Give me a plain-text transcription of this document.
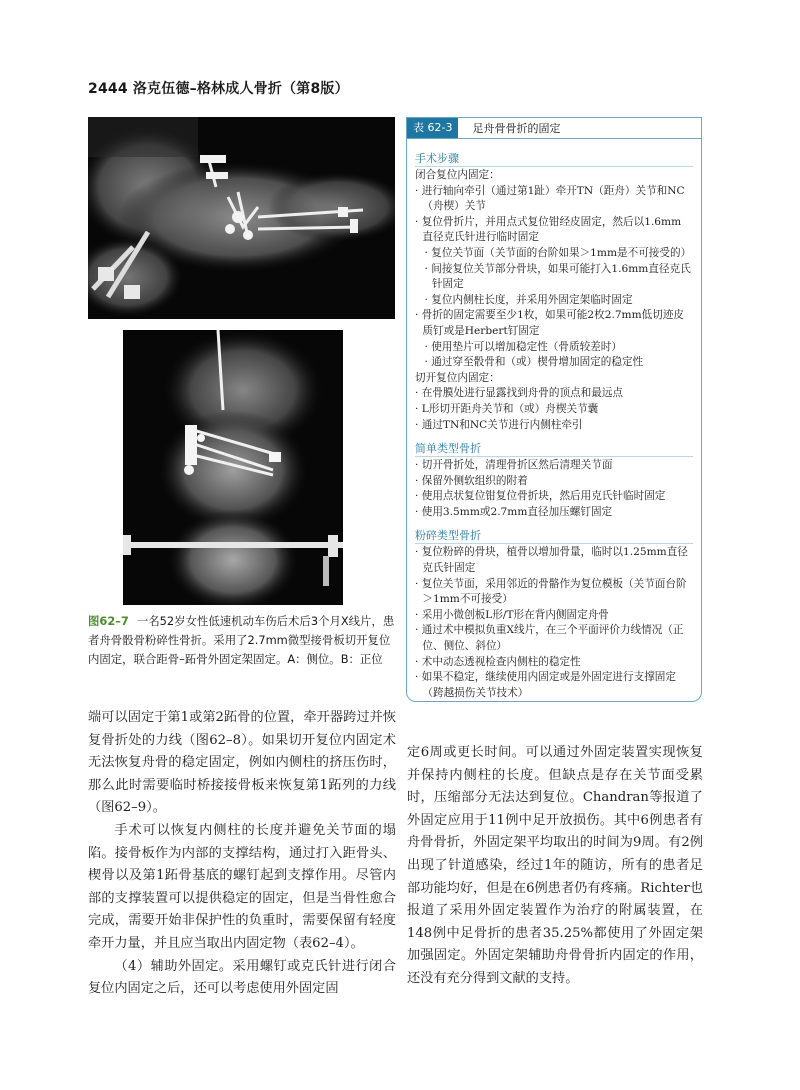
2444 洛克伍德–格林成人骨折（第8版）
图62–7 一名52岁女性低速机动车伤后术后3个月X线片，患者舟骨骰骨粉碎性骨折。采用了2.7mm微型接骨板切开复位内固定，联合距骨–跖骨外固定架固定。A：侧位。B：正位
表 62-3	足舟骨骨折的固定
手术步骤
闭合复位内固定：
· 进行轴向牵引（通过第1趾）牵开TN（距舟）关节和NC（舟楔）关节
· 复位骨折片，并用点式复位钳经皮固定，然后以1.6mm 直径克氏针进行临时固定
· 复位关节面（关节面的台阶如果＞1mm是不可接受的）
· 间接复位关节部分骨块，如果可能打入1.6mm直径克氏针固定
· 复位内侧柱长度，并采用外固定架临时固定
· 骨折的固定需要至少1枚，如果可能2枚2.7mm低切迹皮质钉或是Herbert钉固定
· 使用垫片可以增加稳定性（骨质较差时）
· 通过穿至骰骨和（或）楔骨增加固定的稳定性
切开复位内固定：
· 在骨膜处进行显露找到舟骨的顶点和最远点
· L形切开距舟关节和（或）舟楔关节囊
· 通过TN和NC关节进行内侧柱牵引
简单类型骨折
· 切开骨折处，清理骨折区然后清理关节面
· 保留外侧软组织的附着
· 使用点状复位钳复位骨折块，然后用克氏针临时固定
· 使用3.5mm或2.7mm直径加压螺钉固定
粉碎类型骨折
· 复位粉碎的骨块，植骨以增加骨量，临时以1.25mm直径克氏针固定
· 复位关节面，采用邻近的骨骼作为复位模板（关节面台阶＞1mm不可接受）
· 采用小微创板L形/T形在背内侧固定舟骨
· 通过术中模拟负重X线片，在三个平面评价力线情况（正位、侧位、斜位）
· 术中动态透视检查内侧柱的稳定性
· 如果不稳定，继续使用内固定或是外固定进行支撑固定（跨越损伤关节技术）

端可以固定于第1或第2跖骨的位置，牵开器跨过并恢复骨折处的力线（图62–8）。如果切开复位内固定术无法恢复舟骨的稳定固定，例如内侧柱的挤压伤时，那么此时需要临时桥接接骨板来恢复第1跖列的力线（图62–9）。

手术可以恢复内侧柱的长度并避免关节面的塌陷。接骨板作为内部的支撑结构，通过打入距骨头、楔骨以及第1跖骨基底的螺钉起到支撑作用。尽管内部的支撑装置可以提供稳定的固定，但是当骨性愈合完成，需要开始非保护性的负重时，需要保留有轻度牵开力量，并且应当取出内固定物（表62–4）。

（4）辅助外固定。采用螺钉或克氏针进行闭合复位内固定之后，还可以考虑使用外固定固

定6周或更长时间。可以通过外固定装置实现恢复并保持内侧柱的长度。但缺点是存在关节面受累时，压缩部分无法达到复位。Chandran等报道了外固定应用于11例中足开放损伤。其中6例患者有舟骨骨折，外固定架平均取出的时间为9周。有2例出现了针道感染，经过1年的随访，所有的患者足部功能均好，但是在6例患者仍有疼痛。Richter也报道了采用外固定装置作为治疗的附属装置，在148例中足骨折的患者35.25%都使用了外固定架加强固定。外固定架辅助舟骨骨折内固定的作用，还没有充分得到文献的支持。
